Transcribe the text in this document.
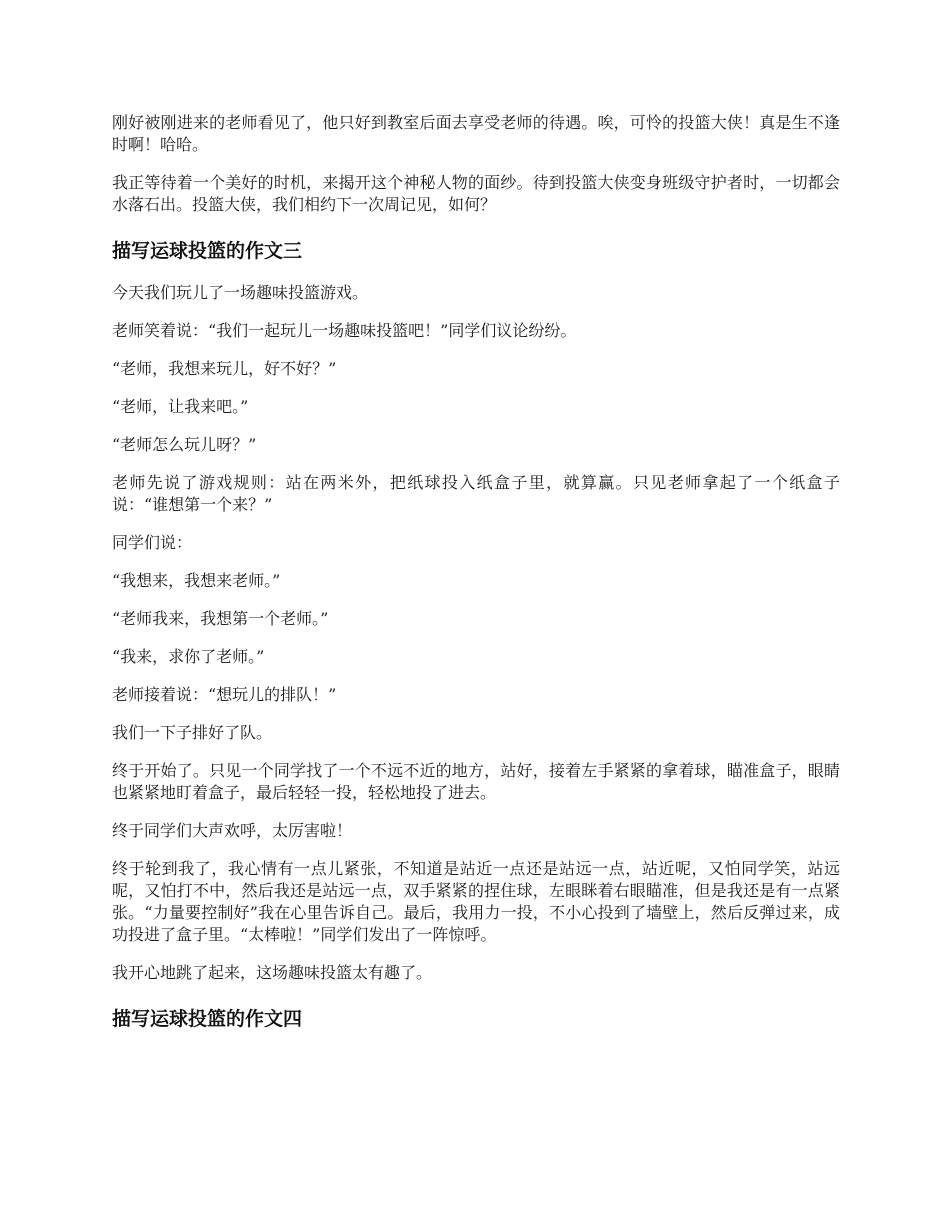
刚好被刚进来的老师看见了，他只好到教室后面去享受老师的待遇。唉，可怜的投篮大侠！真是生不逢时啊！哈哈。

我正等待着一个美好的时机，来揭开这个神秘人物的面纱。待到投篮大侠变身班级守护者时，一切都会水落石出。投篮大侠，我们相约下一次周记见，如何？

描写运球投篮的作文三

今天我们玩儿了一场趣味投篮游戏。

老师笑着说：“我们一起玩儿一场趣味投篮吧！”同学们议论纷纷。

“老师，我想来玩儿，好不好？”

“老师，让我来吧。”

“老师怎么玩儿呀？”

老师先说了游戏规则：站在两米外，把纸球投入纸盒子里，就算赢。只见老师拿起了一个纸盒子说：“谁想第一个来？”

同学们说：

“我想来，我想来老师。”

“老师我来，我想第一个老师。”

“我来，求你了老师。”

老师接着说：“想玩儿的排队！”

我们一下子排好了队。

终于开始了。只见一个同学找了一个不远不近的地方，站好，接着左手紧紧的拿着球，瞄准盒子，眼睛也紧紧地盯着盒子，最后轻轻一投，轻松地投了进去。

终于同学们大声欢呼，太厉害啦！

终于轮到我了，我心情有一点儿紧张，不知道是站近一点还是站远一点，站近呢，又怕同学笑，站远呢，又怕打不中，然后我还是站远一点，双手紧紧的捏住球，左眼眯着右眼瞄准，但是我还是有一点紧张。“力量要控制好”我在心里告诉自己。最后，我用力一投，不小心投到了墙壁上，然后反弹过来，成功投进了盒子里。“太棒啦！”同学们发出了一阵惊呼。

我开心地跳了起来，这场趣味投篮太有趣了。

描写运球投篮的作文四
